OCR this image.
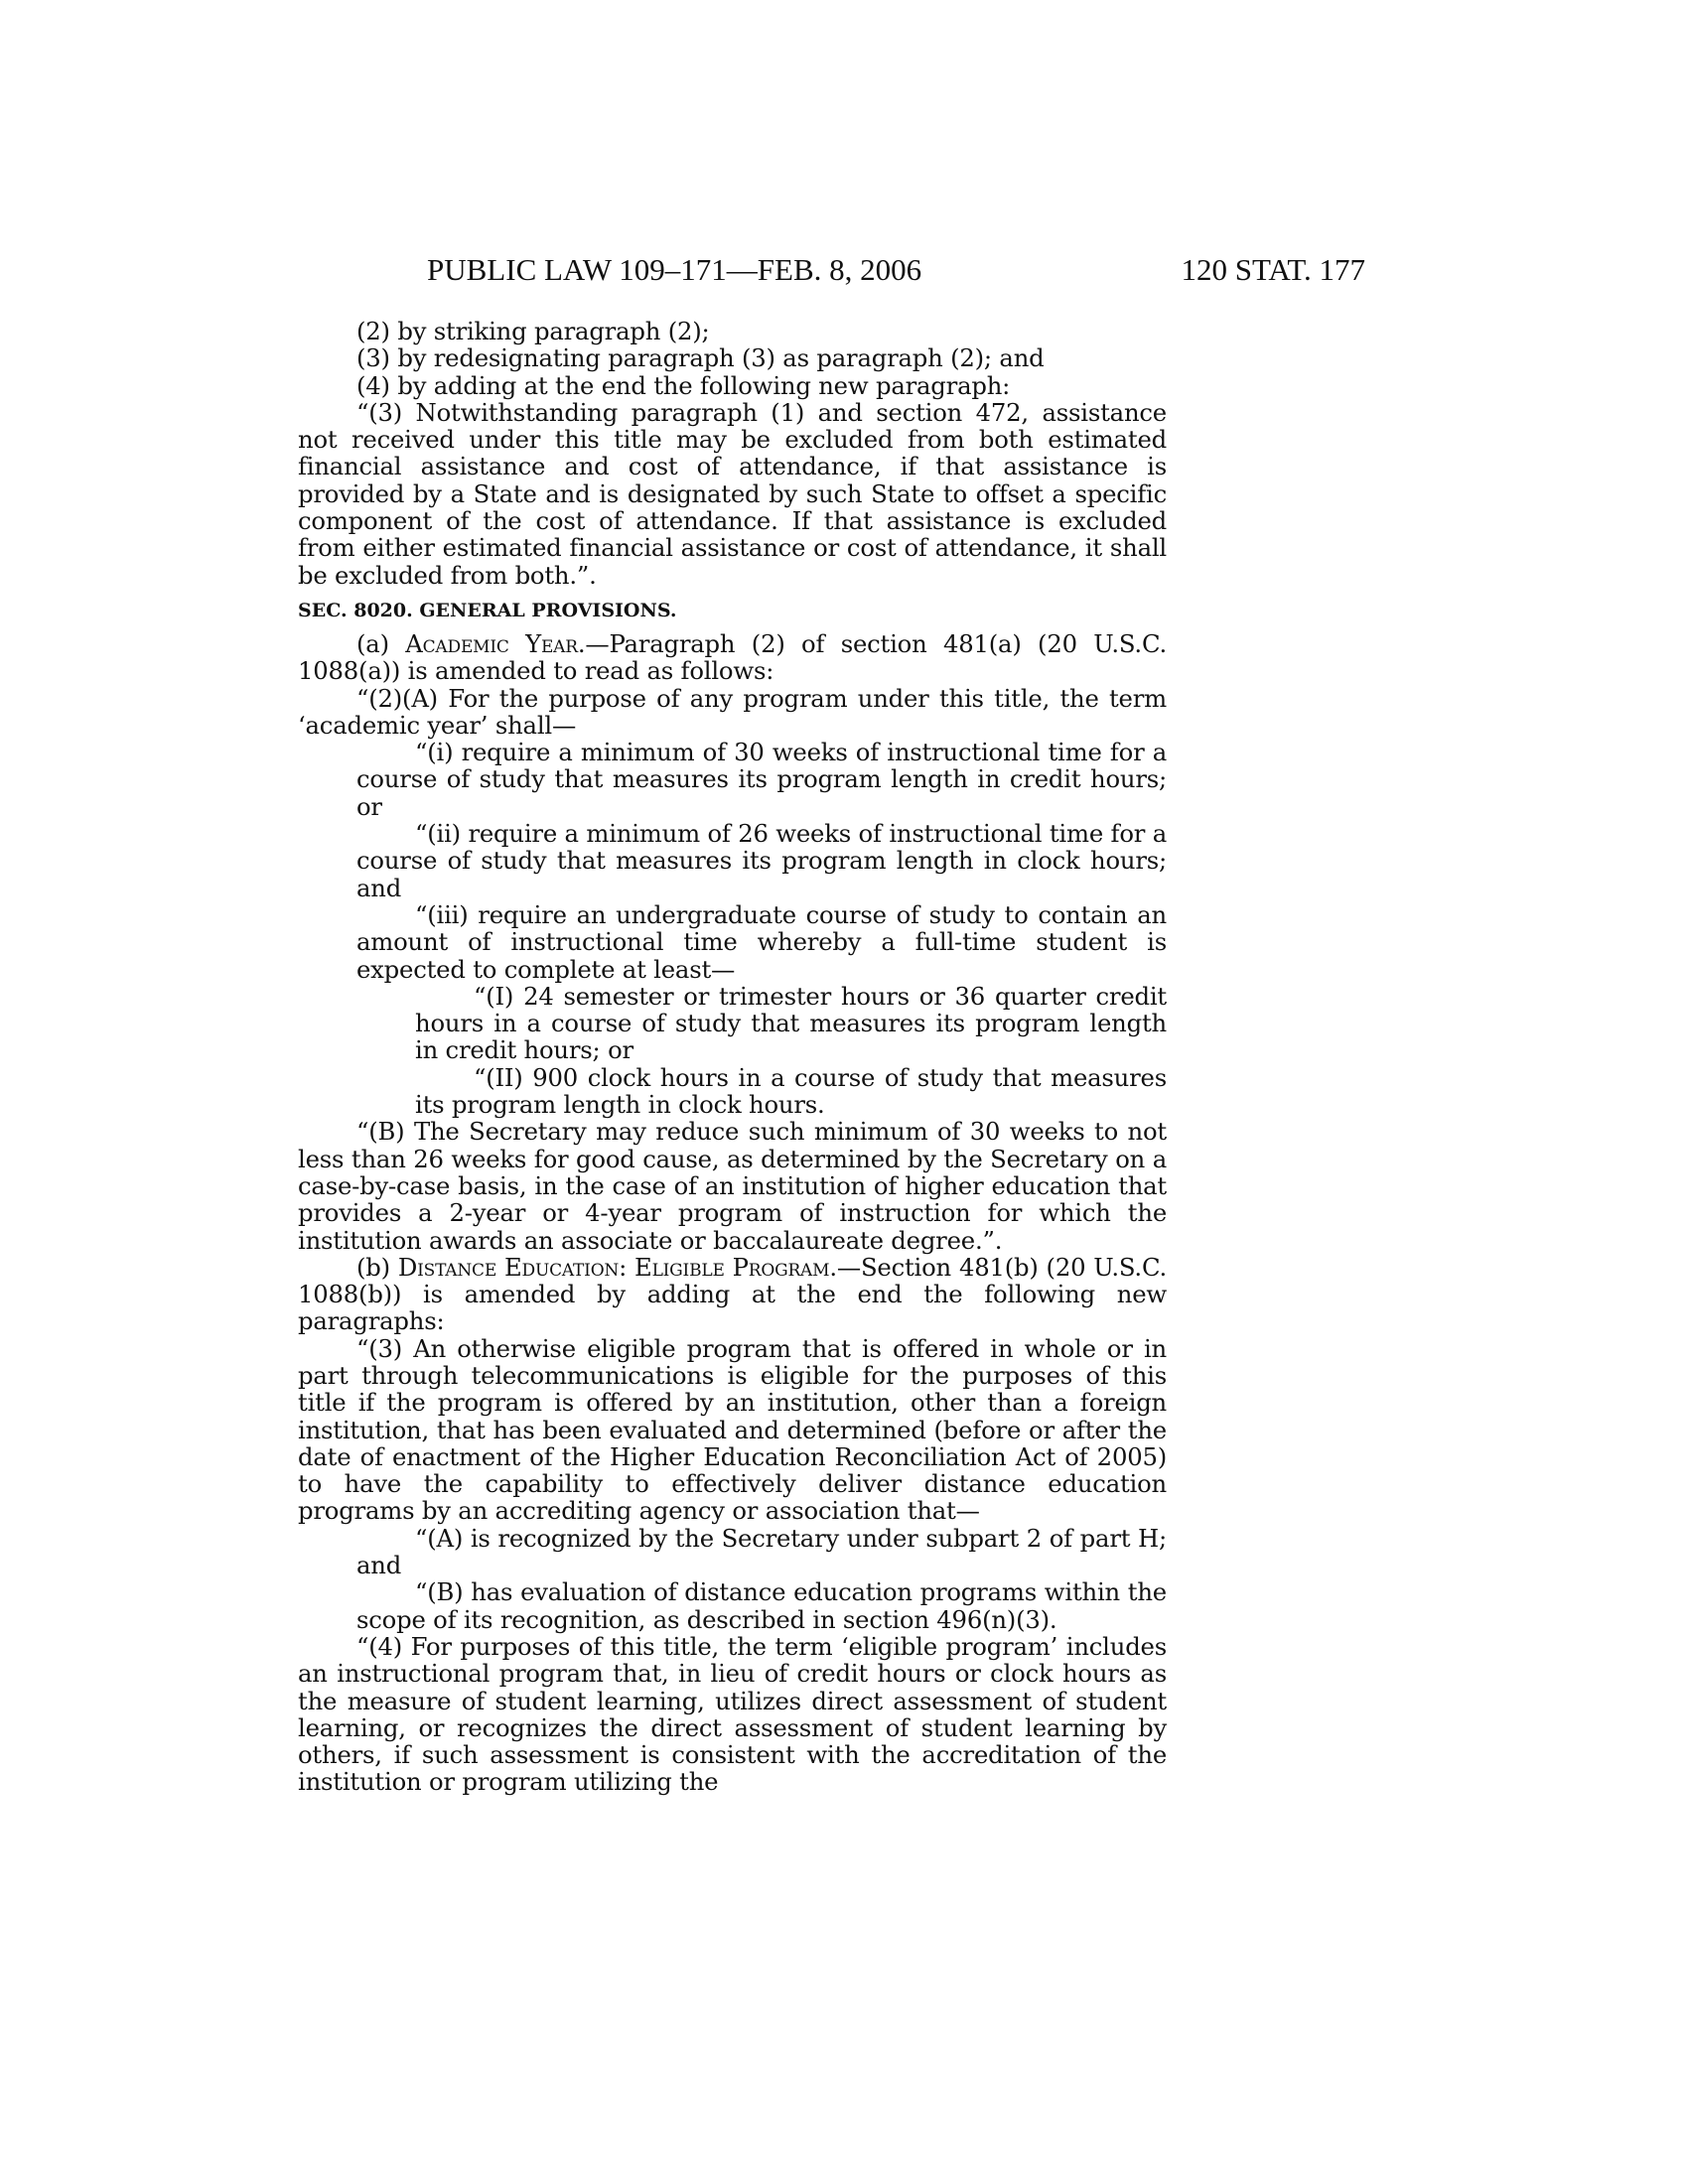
PUBLIC LAW 109–171—FEB. 8, 2006	120 STAT. 177

(2) by striking paragraph (2);

(3) by redesignating paragraph (3) as paragraph (2); and

(4) by adding at the end the following new paragraph:

“(3) Notwithstanding paragraph (1) and section 472, assistance not received under this title may be excluded from both estimated financial assistance and cost of attendance, if that assistance is provided by a State and is designated by such State to offset a specific component of the cost of attendance. If that assistance is excluded from either estimated financial assistance or cost of attendance, it shall be excluded from both.”.

SEC. 8020. GENERAL PROVISIONS.

(a) Academic Year.—Paragraph (2) of section 481(a) (20 U.S.C. 1088(a)) is amended to read as follows:

“(2)(A) For the purpose of any program under this title, the term ‘academic year’ shall—

“(i) require a minimum of 30 weeks of instructional time for a course of study that measures its program length in credit hours; or

“(ii) require a minimum of 26 weeks of instructional time for a course of study that measures its program length in clock hours; and

“(iii) require an undergraduate course of study to contain an amount of instructional time whereby a full-time student is expected to complete at least—

“(I) 24 semester or trimester hours or 36 quarter credit hours in a course of study that measures its program length in credit hours; or

“(II) 900 clock hours in a course of study that measures its program length in clock hours.

“(B) The Secretary may reduce such minimum of 30 weeks to not less than 26 weeks for good cause, as determined by the Secretary on a case-by-case basis, in the case of an institution of higher education that provides a 2-year or 4-year program of instruction for which the institution awards an associate or baccalaureate degree.”.

(b) Distance Education: Eligible Program.—Section 481(b) (20 U.S.C. 1088(b)) is amended by adding at the end the following new paragraphs:

“(3) An otherwise eligible program that is offered in whole or in part through telecommunications is eligible for the purposes of this title if the program is offered by an institution, other than a foreign institution, that has been evaluated and determined (before or after the date of enactment of the Higher Education Reconciliation Act of 2005) to have the capability to effectively deliver distance education programs by an accrediting agency or association that—

“(A) is recognized by the Secretary under subpart 2 of part H; and

“(B) has evaluation of distance education programs within the scope of its recognition, as described in section 496(n)(3).

“(4) For purposes of this title, the term ‘eligible program’ includes an instructional program that, in lieu of credit hours or clock hours as the measure of student learning, utilizes direct assessment of student learning, or recognizes the direct assessment of student learning by others, if such assessment is consistent with the accreditation of the institution or program utilizing the
